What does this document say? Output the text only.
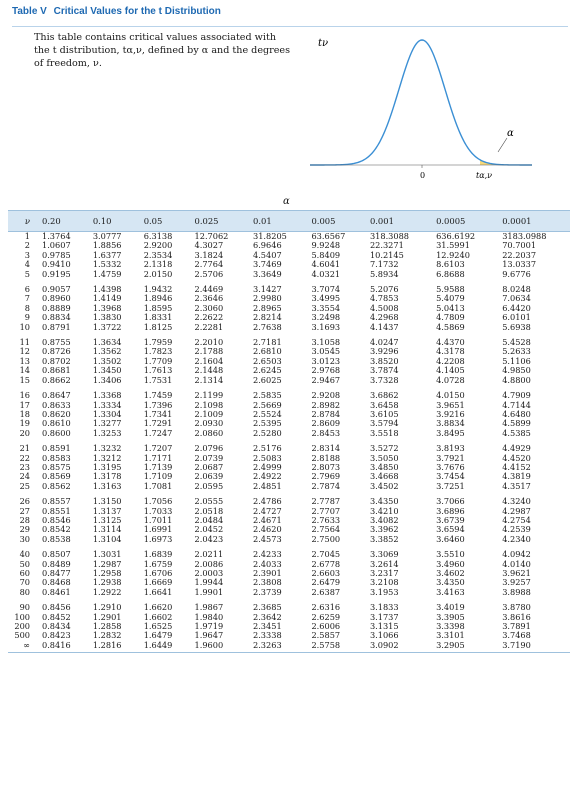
Table V Critical Values for the t Distribution
This table contains critical values associated with the t distribution, tα,ν, defined by α and the degrees of freedom, ν.
tν
0	tα,ν
α
α
ν	0.20	0.10	0.05	0.025	0.01	0.005	0.001	0.0005	0.0001
1	1.3764	3.0777	6.3138	12.7062	31.8205	63.6567	318.3088	636.6192	3183.0988
2	1.0607	1.8856	2.9200	4.3027	6.9646	9.9248	22.3271	31.5991	70.7001
3	0.9785	1.6377	2.3534	3.1824	4.5407	5.8409	10.2145	12.9240	22.2037
4	0.9410	1.5332	2.1318	2.7764	3.7469	4.6041	7.1732	8.6103	13.0337
5	0.9195	1.4759	2.0150	2.5706	3.3649	4.0321	5.8934	6.8688	9.6776

6	0.9057	1.4398	1.9432	2.4469	3.1427	3.7074	5.2076	5.9588	8.0248
7	0.8960	1.4149	1.8946	2.3646	2.9980	3.4995	4.7853	5.4079	7.0634
8	0.8889	1.3968	1.8595	2.3060	2.8965	3.3554	4.5008	5.0413	6.4420
9	0.8834	1.3830	1.8331	2.2622	2.8214	3.2498	4.2968	4.7809	6.0101
10	0.8791	1.3722	1.8125	2.2281	2.7638	3.1693	4.1437	4.5869	5.6938

11	0.8755	1.3634	1.7959	2.2010	2.7181	3.1058	4.0247	4.4370	5.4528
12	0.8726	1.3562	1.7823	2.1788	2.6810	3.0545	3.9296	4.3178	5.2633
13	0.8702	1.3502	1.7709	2.1604	2.6503	3.0123	3.8520	4.2208	5.1106
14	0.8681	1.3450	1.7613	2.1448	2.6245	2.9768	3.7874	4.1405	4.9850
15	0.8662	1.3406	1.7531	2.1314	2.6025	2.9467	3.7328	4.0728	4.8800

16	0.8647	1.3368	1.7459	2.1199	2.5835	2.9208	3.6862	4.0150	4.7909
17	0.8633	1.3334	1.7396	2.1098	2.5669	2.8982	3.6458	3.9651	4.7144
18	0.8620	1.3304	1.7341	2.1009	2.5524	2.8784	3.6105	3.9216	4.6480
19	0.8610	1.3277	1.7291	2.0930	2.5395	2.8609	3.5794	3.8834	4.5899
20	0.8600	1.3253	1.7247	2.0860	2.5280	2.8453	3.5518	3.8495	4.5385

21	0.8591	1.3232	1.7207	2.0796	2.5176	2.8314	3.5272	3.8193	4.4929
22	0.8583	1.3212	1.7171	2.0739	2.5083	2.8188	3.5050	3.7921	4.4520
23	0.8575	1.3195	1.7139	2.0687	2.4999	2.8073	3.4850	3.7676	4.4152
24	0.8569	1.3178	1.7109	2.0639	2.4922	2.7969	3.4668	3.7454	4.3819
25	0.8562	1.3163	1.7081	2.0595	2.4851	2.7874	3.4502	3.7251	4.3517

26	0.8557	1.3150	1.7056	2.0555	2.4786	2.7787	3.4350	3.7066	4.3240
27	0.8551	1.3137	1.7033	2.0518	2.4727	2.7707	3.4210	3.6896	4.2987
28	0.8546	1.3125	1.7011	2.0484	2.4671	2.7633	3.4082	3.6739	4.2754
29	0.8542	1.3114	1.6991	2.0452	2.4620	2.7564	3.3962	3.6594	4.2539
30	0.8538	1.3104	1.6973	2.0423	2.4573	2.7500	3.3852	3.6460	4.2340

40	0.8507	1.3031	1.6839	2.0211	2.4233	2.7045	3.3069	3.5510	4.0942
50	0.8489	1.2987	1.6759	2.0086	2.4033	2.6778	3.2614	3.4960	4.0140
60	0.8477	1.2958	1.6706	2.0003	2.3901	2.6603	3.2317	3.4602	3.9621
70	0.8468	1.2938	1.6669	1.9944	2.3808	2.6479	3.2108	3.4350	3.9257
80	0.8461	1.2922	1.6641	1.9901	2.3739	2.6387	3.1953	3.4163	3.8988

90	0.8456	1.2910	1.6620	1.9867	2.3685	2.6316	3.1833	3.4019	3.8780
100	0.8452	1.2901	1.6602	1.9840	2.3642	2.6259	3.1737	3.3905	3.8616
200	0.8434	1.2858	1.6525	1.9719	2.3451	2.6006	3.1315	3.3398	3.7891
500	0.8423	1.2832	1.6479	1.9647	2.3338	2.5857	3.1066	3.3101	3.7468
∞	0.8416	1.2816	1.6449	1.9600	2.3263	2.5758	3.0902	3.2905	3.7190
